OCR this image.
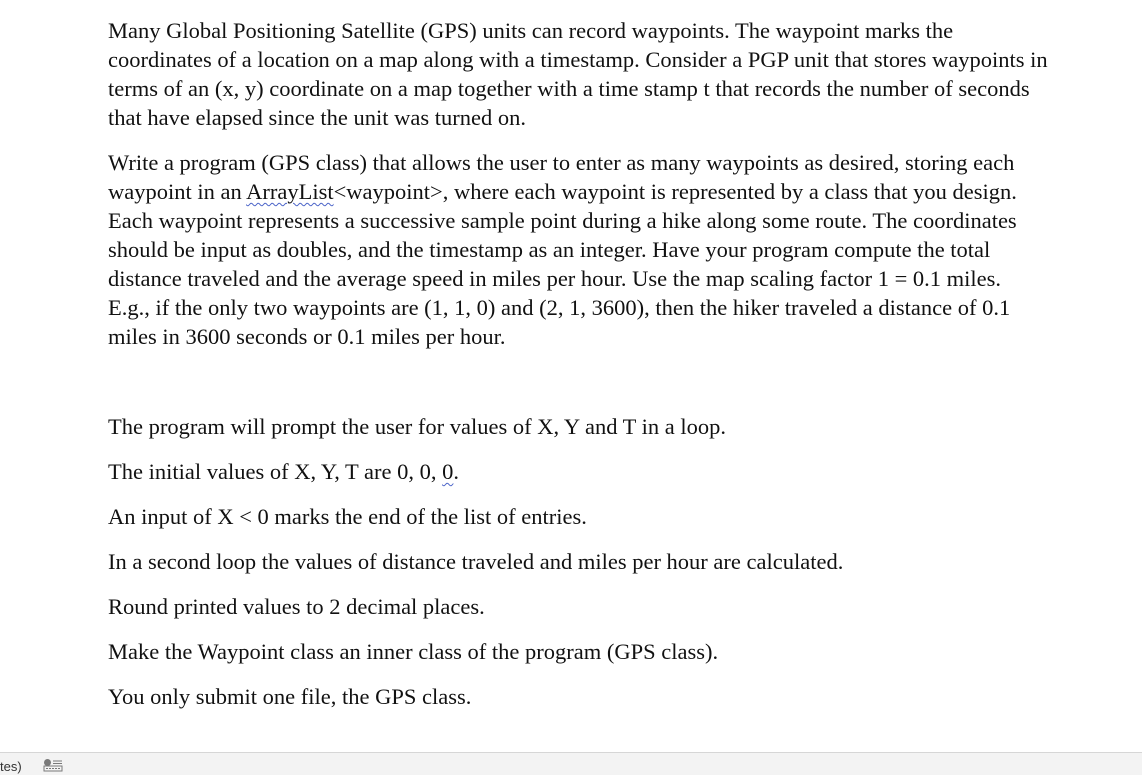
Many Global Positioning Satellite (GPS) units can record waypoints. The waypoint marks the coordinates of a location on a map along with a timestamp. Consider a PGP unit that stores waypoints in terms of an (x, y) coordinate on a map together with a time stamp t that records the number of seconds that have elapsed since the unit was turned on.

Write a program (GPS class) that allows the user to enter as many waypoints as desired, storing each waypoint in an ArrayList<waypoint>, where each waypoint is represented by a class that you design. Each waypoint represents a successive sample point during a hike along some route. The coordinates should be input as doubles, and the timestamp as an integer. Have your program compute the total distance traveled and the average speed in miles per hour. Use the map scaling factor 1 = 0.1 miles. E.g., if the only two waypoints are (1, 1, 0) and (2, 1, 3600), then the hiker traveled a distance of 0.1 miles in 3600 seconds or 0.1 miles per hour.

The program will prompt the user for values of X, Y and T in a loop.

The initial values of X, Y, T are 0, 0, 0.

An input of X < 0 marks the end of the list of entries.

In a second loop the values of distance traveled and miles per hour are calculated.

Round printed values to 2 decimal places.

Make the Waypoint class an inner class of the program (GPS class).

You only submit one file, the GPS class.

tes)
